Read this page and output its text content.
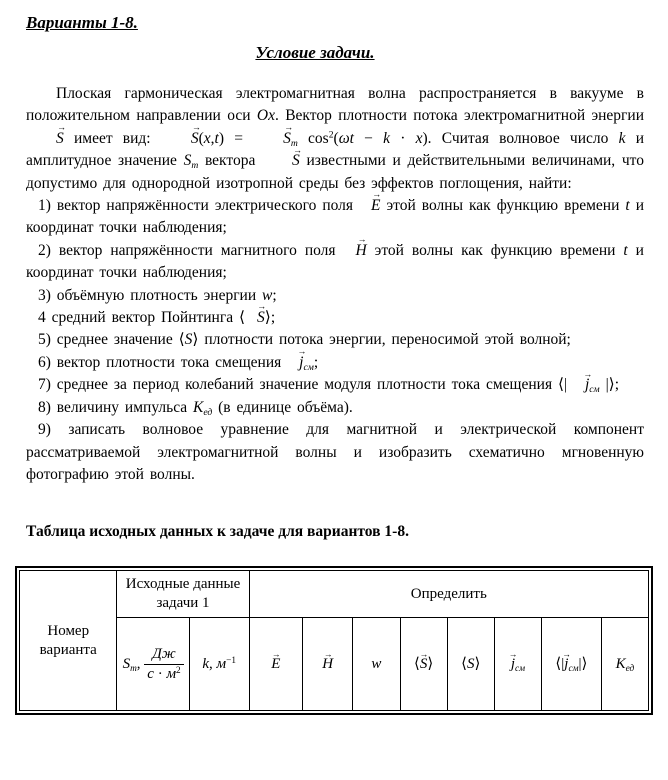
Варианты 1-8.
Условие задачи.

Плоская гармоническая электромагнитная волна распространяется в вакууме в положительном направлении оси Ox. Вектор плотности потока электромагнитной энергии → S имеет вид: → S(x,t) = → $S_m$ $\cos^2(\omega t - k \cdot x)$. Считая волновое число k и амплитудное значение $S_m$ вектора → S известными и действительными величинами, что допустимо для однородной изотропной среды без эффектов поглощения, найти:

1) вектор напряжённости электрического поля → E этой волны как функцию времени t и координат точки наблюдения;

2) вектор напряжённости магнитного поля → H этой волны как функцию времени t и координат точки наблюдения;

3) объёмную плотность энергии w;

4 средний вектор Пойнтинга ⟨ → S⟩;

5) среднее значение ⟨S⟩ плотности потока энергии, переносимой этой волной;

6) вектор плотности тока смещения → $j_{см}$;

7) среднее за период колебаний значение модуля плотности тока смещения ⟨| → $j_{см}$ |⟩;

8) величину импульса $K_{ед}$ (в единице объёма).

9) записать волновое уравнение для магнитной и электрической компонент рассматриваемой электромагнитной волны и изобразить схематично мгновенную фотографию этой волны.

Таблица исходных данных к задаче для вариантов 1-8.

Номер варианта	Исходные данные задачи 1		Определить							
	$S_m$, $\frac{Дж}{с \cdot м^2}$	k, $м^{-1}$	→ E	→ H	w	⟨→ S⟩	⟨S⟩	→ $j_{см}$	⟨|→ $j_{см}|⟩$	$K_{ед}$
